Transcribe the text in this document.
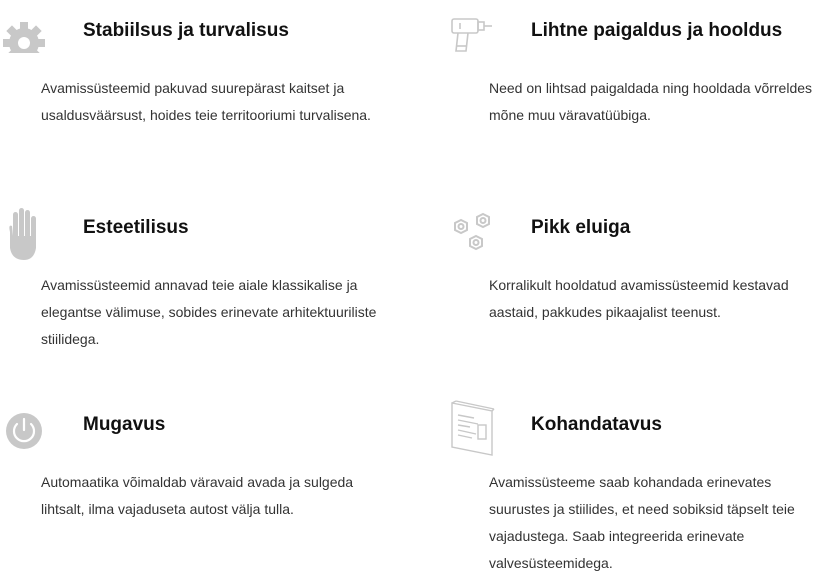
Stabiilsus ja turvalisus

Avamissüsteemid pakuvad suurepärast kaitset ja usaldusväärsust, hoides teie territooriumi turvalisena.

Lihtne paigaldus ja hooldus

Need on lihtsad paigaldada ning hooldada võrreldes mõne muu väravatüübiga.

Esteetilisus

Avamissüsteemid annavad teie aiale klassikalise ja elegantse välimuse, sobides erinevate arhitektuuriliste stiilidega.

Pikk eluiga

Korralikult hooldatud avamissüsteemid kestavad aastaid, pakkudes pikaajalist teenust.

Mugavus

Automaatika võimaldab väravaid avada ja sulgeda lihtsalt, ilma vajaduseta autost välja tulla.

Kohandatavus

Avamissüsteeme saab kohandada erinevates suurustes ja stiilides, et need sobiksid täpselt teie vajadustega. Saab integreerida erinevate valvesüsteemidega.
